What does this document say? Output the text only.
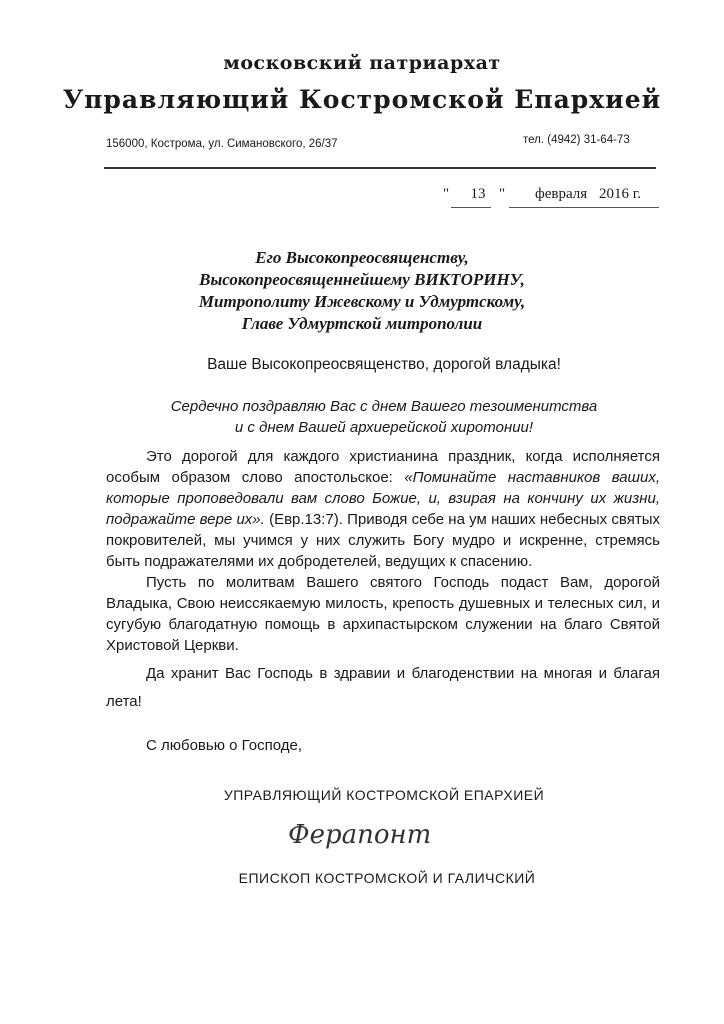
московский патриархат
Управляющий Костромской Епархией
156000, Кострома, ул. Симановского, 26/37	тел. (4942) 31-64-73
"	13 " февраля 2016 г.
Его Высокопреосвященству,
Высокопреосвященнейшему ВИКТОРИНУ,
Митрополиту Ижевскому и Удмуртскому,
Главе Удмуртской митрополии
Ваше Высокопреосвященство, дорогой владыка!
Сердечно поздравляю Вас с днем Вашего тезоименитства
и с днем Вашей архиерейской хиротонии!

Это дорогой для каждого христианина праздник, когда исполняется особым образом слово апостольское: «Поминайте наставников ваших, которые проповедовали вам слово Божие, и, взирая на кончину их жизни, подражайте вере их». (Евр.13:7). Приводя себе на ум наших небесных святых покровителей, мы учимся у них служить Богу мудро и искренне, стремясь быть подражателями их добродетелей, ведущих к спасению.

Пусть по молитвам Вашего святого Господь подаст Вам, дорогой Владыка, Свою неиссякаемую милость, крепость душевных и телесных сил, и сугубую благодатную помощь в архипастырском служении на благо Святой Христовой Церкви.

Да хранит Вас Господь в здравии и благоденствии на многая и благая лета!

С любовью о Господе,
УПРАВЛЯЮЩИЙ КОСТРОМСКОЙ ЕПАРХИЕЙ
Ферапонт
ЕПИСКОП КОСТРОМСКОЙ И ГАЛИЧСКИЙ
